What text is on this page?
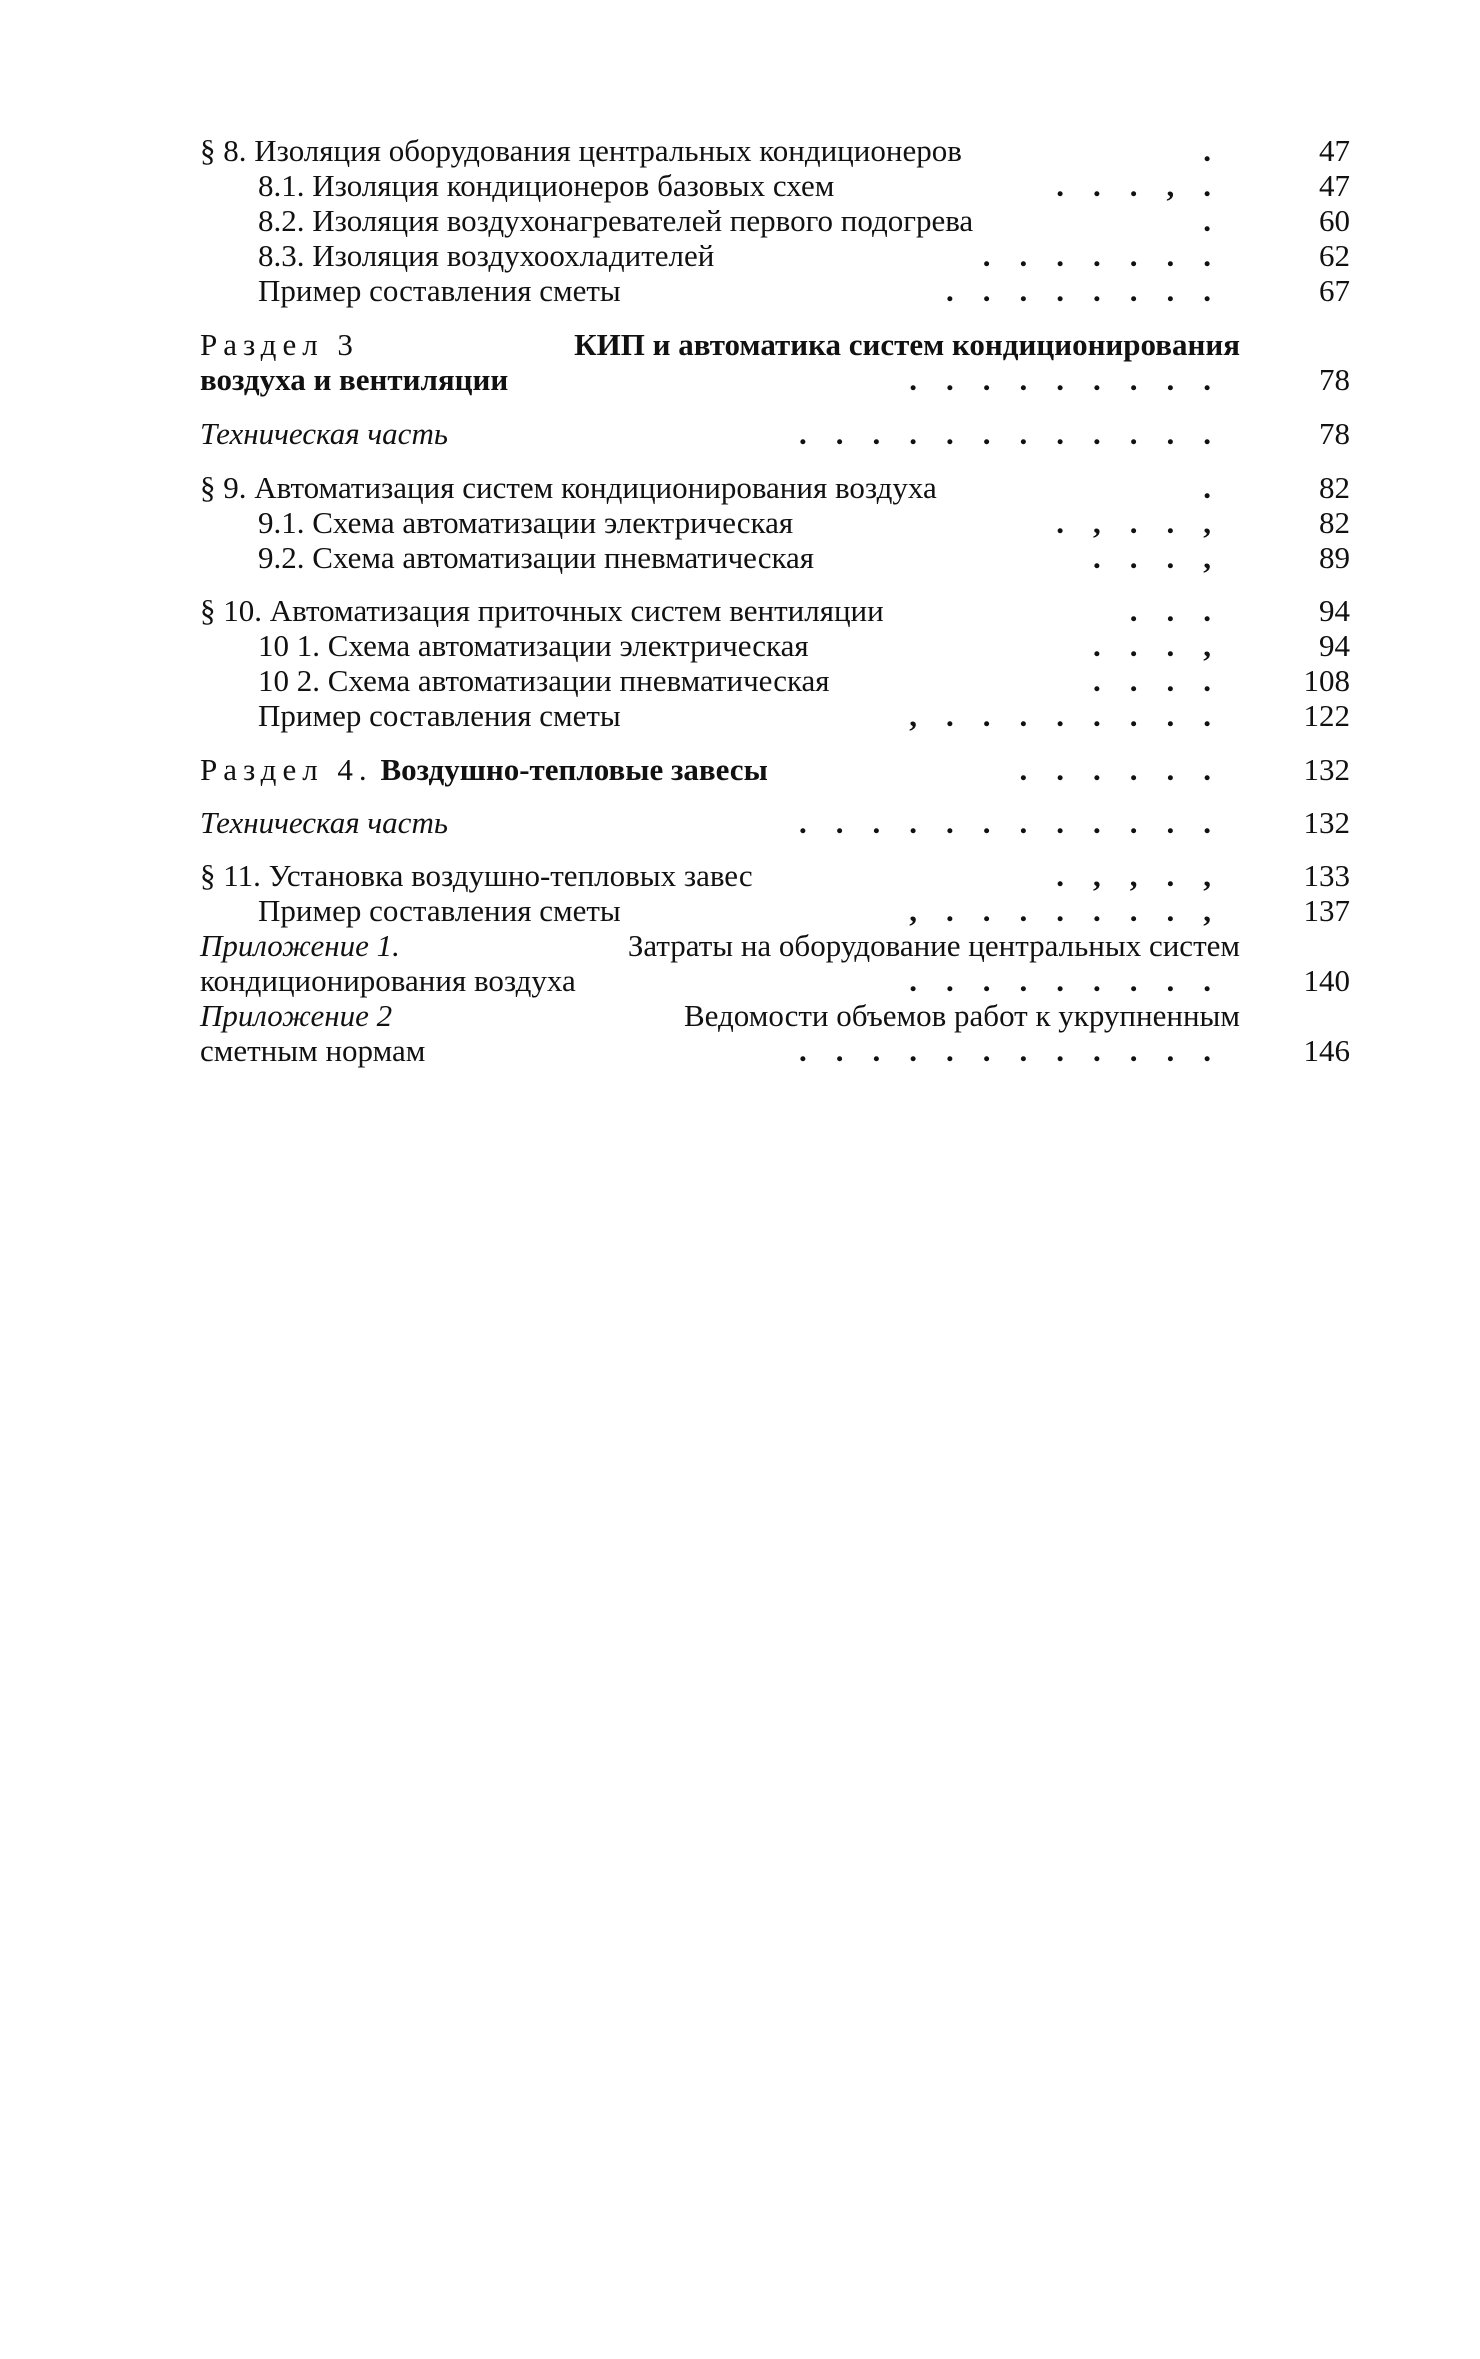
§ 8. Изоляция оборудования центральных кондиционеров	.	47
8.1. Изоляция кондиционеров базовых схем	...,.	47
8.2. Изоляция воздухонагревателей первого подогрева	.	60
8.3. Изоляция воздухоохладителей	.......	62
Пример составления сметы	........	67
Раздел 3	КИП и автоматика систем кондиционирования
воздуха и вентиляции	.........	78
Техническая часть	............	78
§ 9. Автоматизация систем кондиционирования воздуха	.	82
9.1. Схема автоматизации электрическая	.,..,	82
9.2. Схема автоматизации пневматическая	...,	89
§ 10. Автоматизация приточных систем вентиляции	...	94
10 1. Схема автоматизации электрическая	...,	94
10 2. Схема автоматизации пневматическая	....	108
Пример составления сметы	,........	122
Раздел 4. Воздушно-тепловые завесы	......	132
Техническая часть	............	132
§ 11. Установка воздушно-тепловых завес	.,,.,	133
Пример составления сметы	,.......,	137
Приложение 1.	Затраты на оборудование центральных систем
кондиционирования воздуха	.........	140
Приложение 2	Ведомости объемов работ к укрупненным
сметным нормам	............	146
